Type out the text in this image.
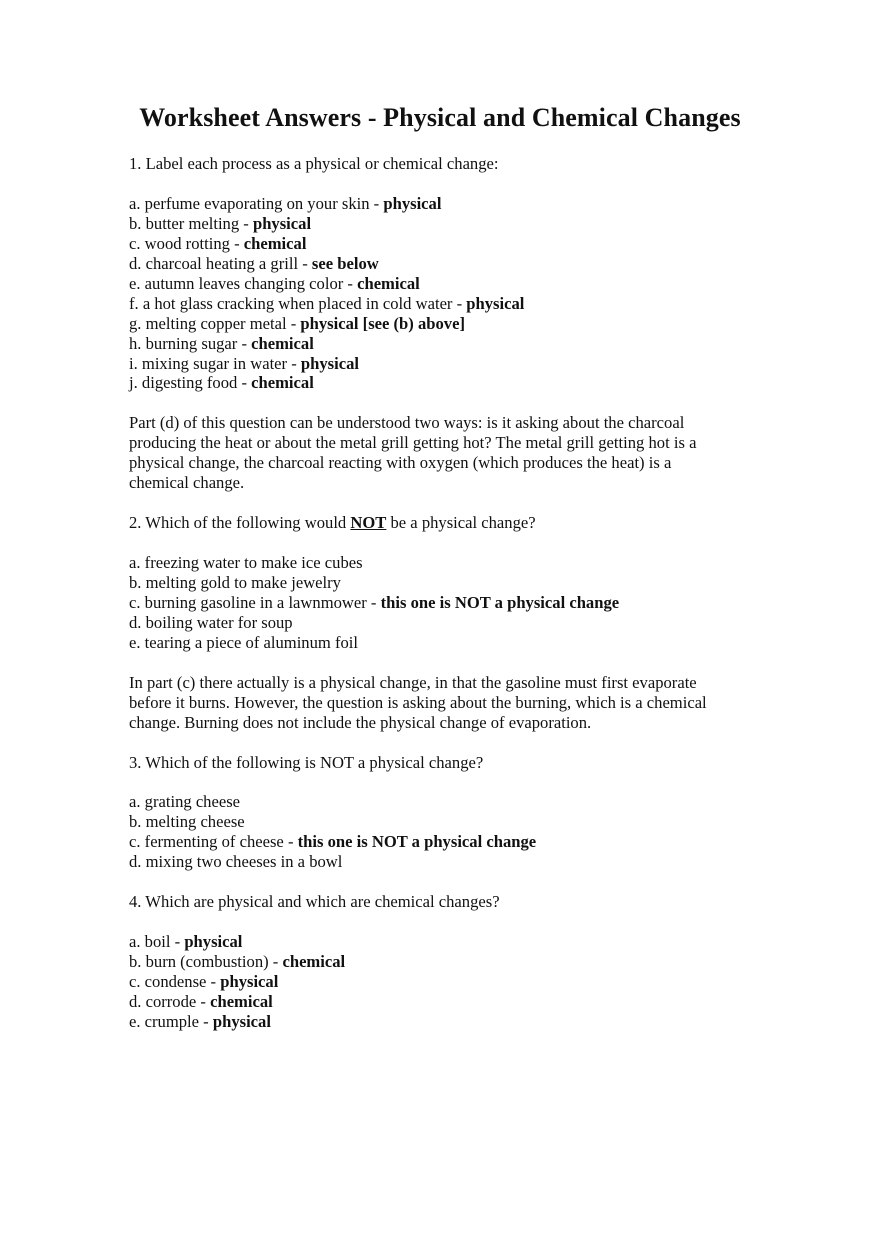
Worksheet Answers - Physical and Chemical Changes
1. Label each process as a physical or chemical change:
a. perfume evaporating on your skin - physical
b. butter melting - physical
c. wood rotting - chemical
d. charcoal heating a grill - see below
e. autumn leaves changing color - chemical
f. a hot glass cracking when placed in cold water - physical
g. melting copper metal - physical [see (b) above]
h. burning sugar - chemical
i. mixing sugar in water - physical
j. digesting food - chemical
Part (d) of this question can be understood two ways: is it asking about the charcoal
producing the heat or about the metal grill getting hot? The metal grill getting hot is a
physical change, the charcoal reacting with oxygen (which produces the heat) is a
chemical change.
2. Which of the following would NOT be a physical change?
a. freezing water to make ice cubes
b. melting gold to make jewelry
c. burning gasoline in a lawnmower - this one is NOT a physical change
d. boiling water for soup
e. tearing a piece of aluminum foil
In part (c) there actually is a physical change, in that the gasoline must first evaporate
before it burns. However, the question is asking about the burning, which is a chemical
change. Burning does not include the physical change of evaporation.
3. Which of the following is NOT a physical change?
a. grating cheese
b. melting cheese
c. fermenting of cheese - this one is NOT a physical change
d. mixing two cheeses in a bowl
4. Which are physical and which are chemical changes?
a. boil - physical
b. burn (combustion) - chemical
c. condense - physical
d. corrode - chemical
e. crumple - physical
